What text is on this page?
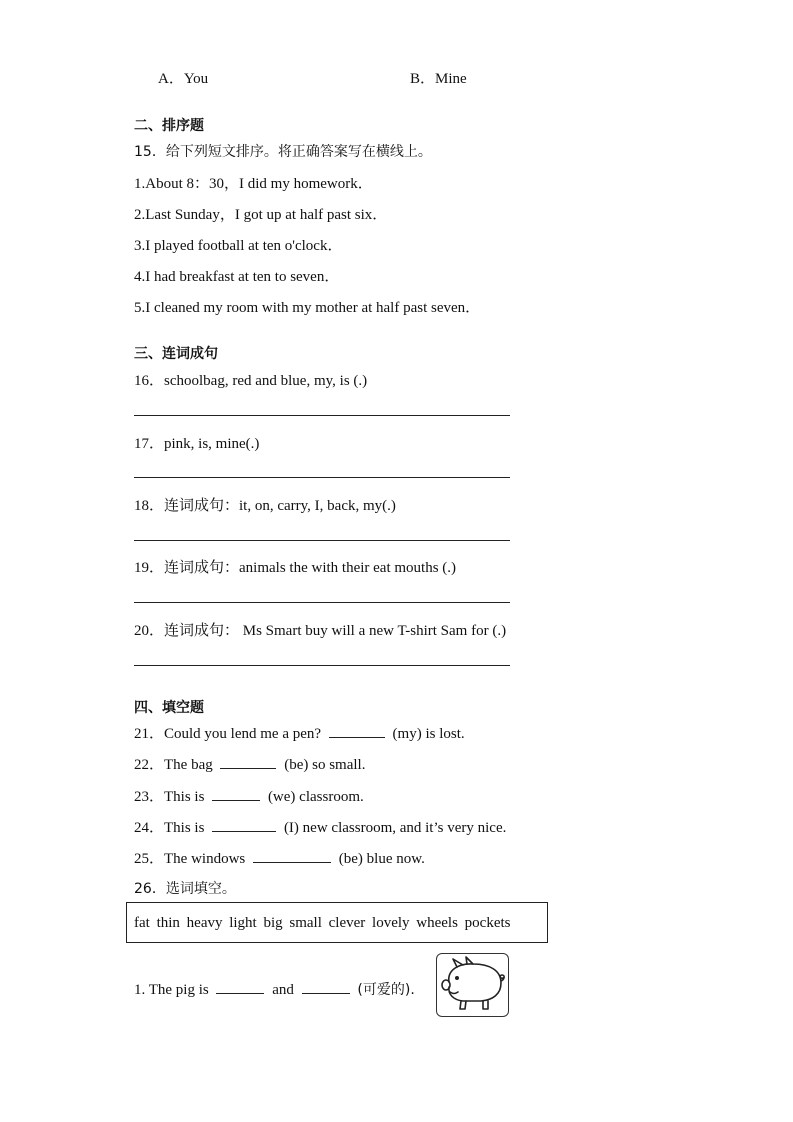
A．You	B．Mine
二、排序题
15．给下列短文排序。将正确答案写在横线上。
1.About 8：30，I did my homework．
2.Last Sunday，I got up at half past six．
3.I played football at ten o'clock．
4.I had breakfast at ten to seven．
5.I cleaned my room with my mother at half past seven．
三、连词成句
16．schoolbag, red and blue, my, is (.)
17．pink, is, mine(.)
18．连词成句：it, on, carry, I, back, my(.)
19．连词成句：animals the with their eat mouths (.)
20．连词成句： Ms Smart buy will a new T-shirt Sam for (.)
四、填空题
21．Could you lend me a pen?	(my) is lost.
22．The bag	(be) so small.
23．This is	(we) classroom.
24．This is	(I) new classroom, and it’s very nice.
25．The windows	(be) blue now.
26．选词填空。
fat thin heavy light big small clever lovely wheels pockets
1. The pig is	and	(可爱的).
